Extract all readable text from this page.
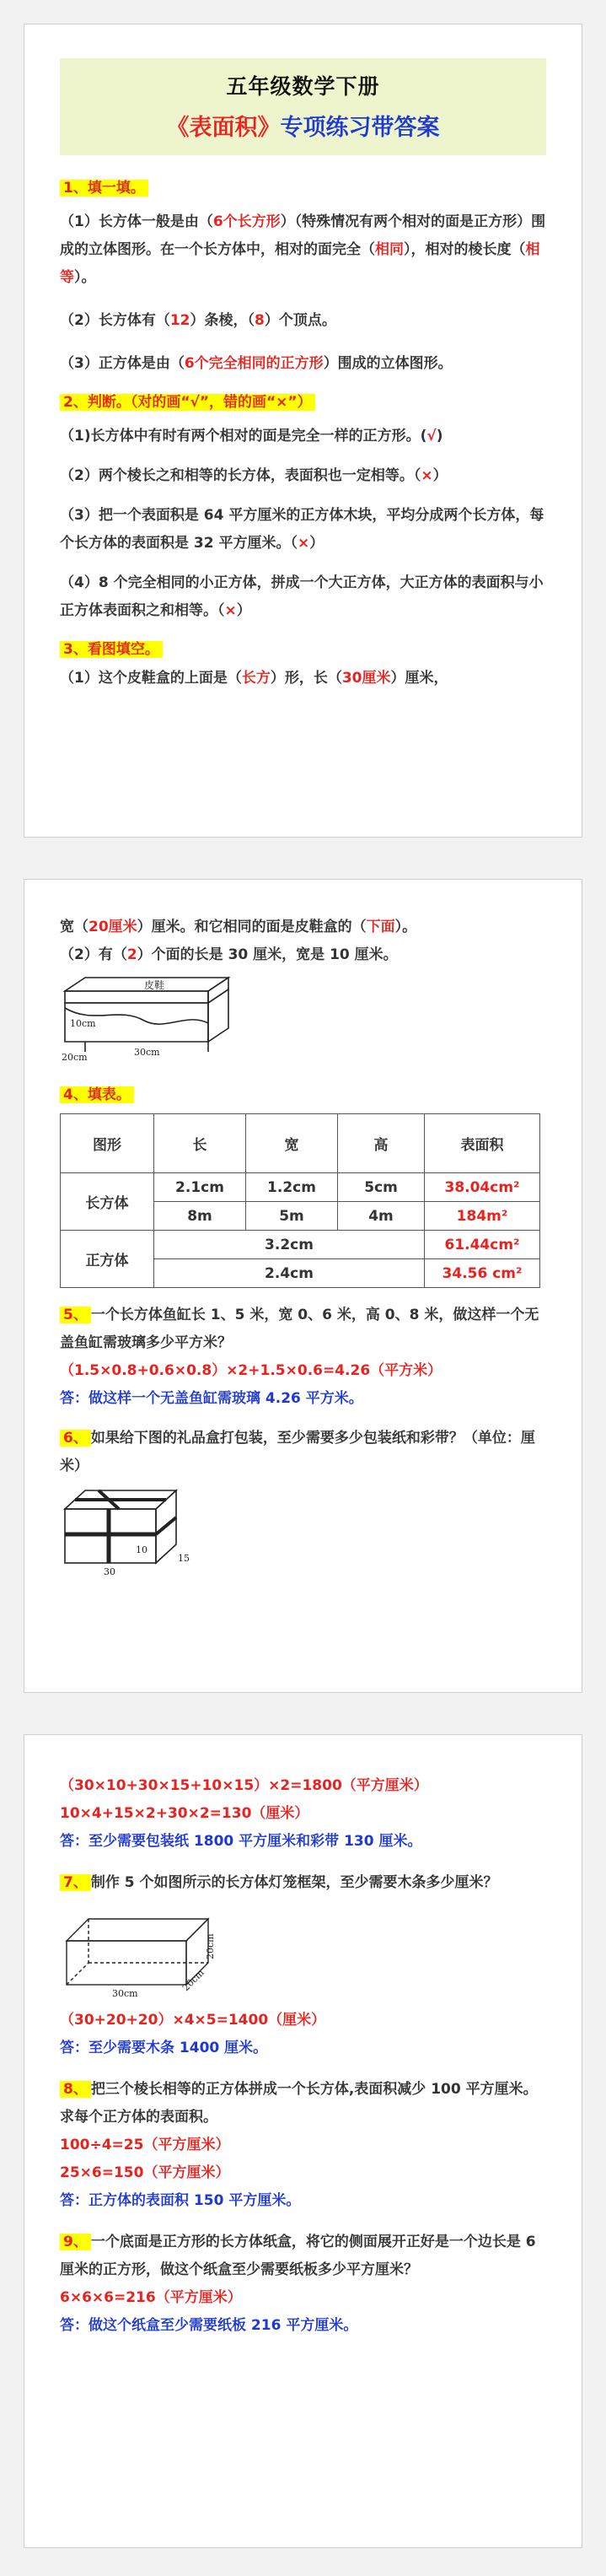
五年级数学下册
《表面积》专项练习带答案
1、填一填。

（1）长方体一般是由（6个长方形）（特殊情况有两个相对的面是正方形）围成的立体图形。在一个长方体中，相对的面完全（相同），相对的棱长度（相等）。

（2）长方体有（12）条棱，（8）个顶点。

（3）正方体是由（6个完全相同的正方形）围成的立体图形。

2、判断。（对的画“√”，错的画“×”）

（1)长方体中有时有两个相对的面是完全一样的正方形。(√)

（2）两个棱长之和相等的长方体，表面积也一定相等。（×）

（3）把一个表面积是 64 平方厘米的正方体木块，平均分成两个长方体，每个长方体的表面积是 32 平方厘米。（×）

（4）8 个完全相同的小正方体，拼成一个大正方体，大正方体的表面积与小正方体表面积之和相等。（×）

3、看图填空。

（1）这个皮鞋盒的上面是（长方）形，长（30厘米）厘米，

宽（20厘米）厘米。和它相同的面是皮鞋盒的（下面）。

（2）有（2）个面的长是 30 厘米，宽是 10 厘米。

皮鞋
10cm
20cm	30cm
4、填表。
图形	长	宽	高	表面积
长方体	2.1cm	1.2cm	5cm	38.04cm²
	8m	5m	4m	184m²
正方体	3.2cm			61.44cm²
	2.4cm			34.56 cm²

5、 一个长方体鱼缸长 1、5 米，宽 0、6 米，高 0、8 米，做这样一个无盖鱼缸需玻璃多少平方米？

（1.5×0.8+0.6×0.8）×2+1.5×0.6=4.26（平方米）

答：做这样一个无盖鱼缸需玻璃 4.26 平方米。

6、 如果给下图的礼品盒打包装，至少需要多少包装纸和彩带？（单位：厘米）

10
15
30

（30×10+30×15+10×15）×2=1800（平方厘米）

10×4+15×2+30×2=130（厘米）

答：至少需要包装纸 1800 平方厘米和彩带 130 厘米。

7、 制作 5 个如图所示的长方体灯笼框架，至少需要木条多少厘米？

30cm
20cm
20cm

（30+20+20）×4×5=1400（厘米）

答：至少需要木条 1400 厘米。

8、 把三个棱长相等的正方体拼成一个长方体,表面积减少 100 平方厘米。求每个正方体的表面积。

100÷4=25（平方厘米）

25×6=150（平方厘米）

答：正方体的表面积 150 平方厘米。

9、 一个底面是正方形的长方体纸盒，将它的侧面展开正好是一个边长是 6 厘米的正方形，做这个纸盒至少需要纸板多少平方厘米？

6×6×6=216（平方厘米）

答：做这个纸盒至少需要纸板 216 平方厘米。
